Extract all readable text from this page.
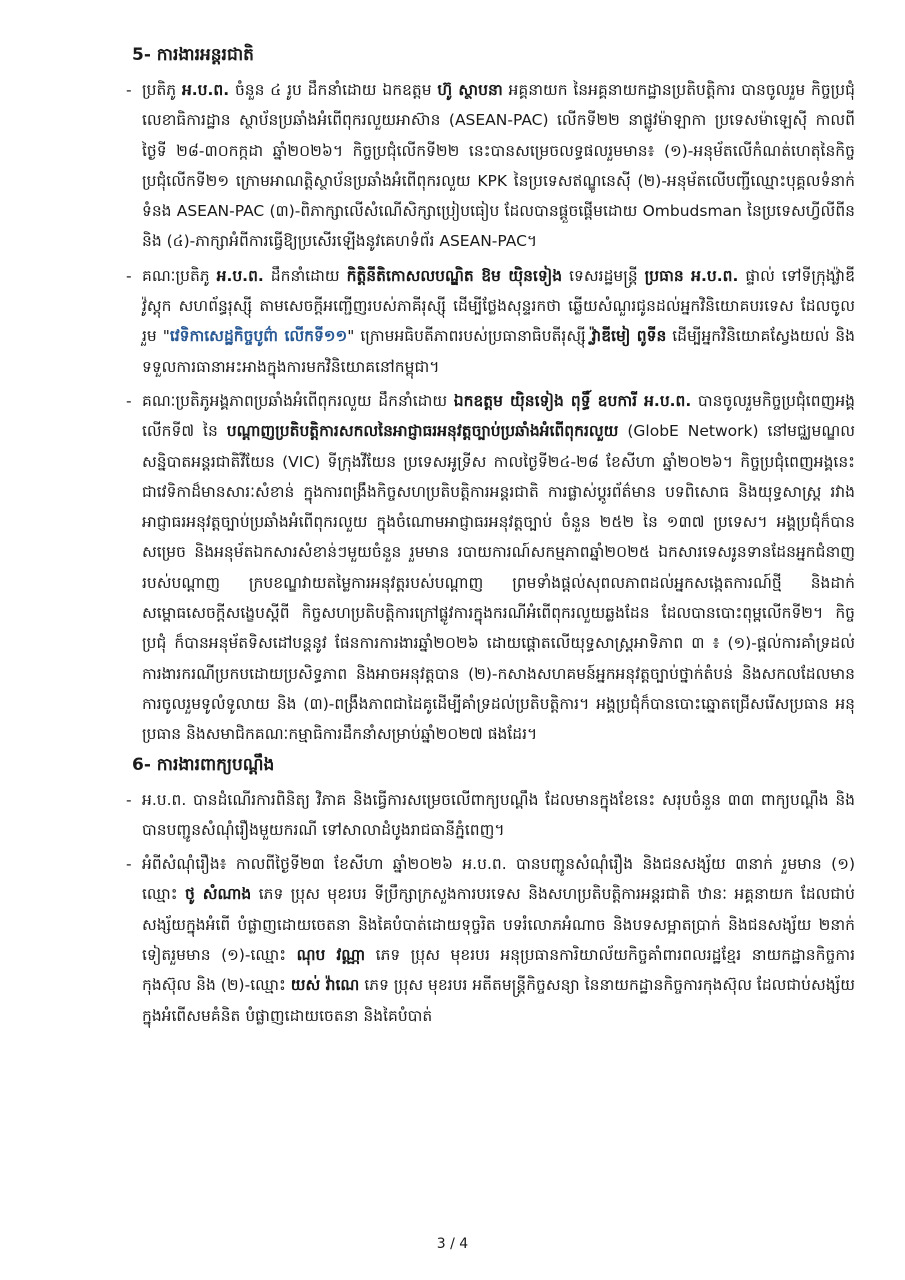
5- ការងារអន្តរជាតិ
- ប្រតិភូ អ.ប.ព. ចំនួន ៤ រូប ដឹកនាំដោយ ឯកឧត្តម ហ៊ូ ស្ថាបនា អគ្គនាយក នៃអគ្គនាយកដ្ឋានប្រតិបត្តិការ បានចូលរួម កិច្ចប្រជុំលេខាធិការដ្ឋាន ស្ថាប័នប្រឆាំងអំពើពុករលួយអាស៊ាន (ASEAN-PAC) លើកទី២២ នាផ្លូវម៉ាឡាកា ប្រទេសម៉ាឡេស៊ី កាលពីថ្ងៃទី ២៨-៣០កក្កដា ឆ្នាំ២០២៦។ កិច្ចប្រជុំលើកទី២២ នេះបានសម្រេចលទ្ធផលរួមមាន៖ (១)-អនុម័តលើកំណត់ហេតុនៃកិច្ចប្រជុំលើកទី២១ ក្រោមអាណត្តិស្ថាប័នប្រឆាំងអំពើពុករលួយ KPK នៃប្រទេសឥណ្ឌូនេស៊ី (២)-អនុម័តលើបញ្ជីឈ្មោះបុគ្គលទំនាក់ទំនង ASEAN-PAC (៣)-ពិភាក្សាលើសំណើសិក្សាប្រៀបធៀប ដែលបានផ្តួចផ្តើមដោយ Ombudsman នៃប្រទេសហ្វីលីពីន និង (៤)-ភាក្សាអំពីការធ្វើឱ្យប្រសើរឡើងនូវគេហទំព័រ ASEAN-PAC។
- គណៈប្រតិភូ អ.ប.ព. ដឹកនាំដោយ កិត្តិនីតិកោសលបណ្ឌិត ឱម យ៉ិនទៀង ទេសរដ្ឋមន្ត្រី ប្រធាន អ.ប.ព. ផ្ទាល់ ទៅទីក្រុងវ្ល៉ាឌីវ៉ូស្តុក សហព័ន្ធរុស្ស៊ី តាមសេចក្តីអញ្ជើញរបស់ភាគីរុស្ស៊ី ដើម្បីថ្លែងសុន្ទរកថា ឆ្លើយសំណួរជូនដល់អ្នកវិនិយោគបរទេស ដែលចូលរួម "វេទិកាសេដ្ឋកិច្ចបូព៌ា លើកទី១១" ក្រោមអធិបតីភាពរបស់ប្រធានាធិបតីរុស្ស៊ី វ្ល៉ាឌីមៀ ពូទីន ដើម្បីអ្នកវិនិយោគស្វែងយល់ និងទទួលការធានាអះអាងក្នុងការមកវិនិយោគនៅកម្ពុជា។
- គណៈប្រតិភូអង្គភាពប្រឆាំងអំពើពុករលួយ ដឹកនាំដោយ ឯកឧត្តម យ៉ិនទៀង ពុទ្ធិ៍ ឧបការី អ.ប.ព. បានចូលរួមកិច្ចប្រជុំពេញអង្គលើកទី៧ នៃ បណ្តាញប្រតិបត្តិការសកលនៃអាជ្ញាធរអនុវត្តច្បាប់ប្រឆាំងអំពើពុករលួយ (GlobE Network) នៅមជ្ឈមណ្ឌលសន្និបាតអន្តរជាតិវីយែន (VIC) ទីក្រុងវីយែន ប្រទេសអូទ្រីស កាលថ្ងៃទី២៤-២៨ ខែសីហា ឆ្នាំ២០២៦។ កិច្ចប្រជុំពេញអង្គនេះ ជាវេទិកាដ៏មានសារៈសំខាន់ ក្នុងការពង្រឹងកិច្ចសហប្រតិបត្តិការអន្តរជាតិ ការផ្លាស់ប្តូរព័ត៌មាន បទពិសោធ និងយុទ្ធសាស្ត្រ រវាងអាជ្ញាធរអនុវត្តច្បាប់ប្រឆាំងអំពើពុករលួយ ក្នុងចំណោមអាជ្ញាធរអនុវត្តច្បាប់ ចំនួន ២៥២ នៃ ១៣៧ ប្រទេស។ អង្គប្រជុំក៏បានសម្រេច និងអនុម័តឯកសារសំខាន់ៗមួយចំនួន រួមមាន របាយការណ៍សកម្មភាពឆ្នាំ២០២៥ ឯកសារទេសរូនទានដែនអ្នកជំនាញរបស់បណ្តាញ ក្របខណ្ឌវាយតម្លៃការអនុវត្តរបស់បណ្តាញ ព្រមទាំងផ្តល់សុពលភាពដល់អ្នកសង្កេតការណ៍ថ្មី និងដាក់សម្ពោធសេចក្តីសង្ខេបស្តីពី កិច្ចសហប្រតិបត្តិការក្រៅផ្លូវការក្នុងករណីអំពើពុករលួយឆ្លងដែន ដែលបានបោះពុម្ពលើកទី២។ កិច្ចប្រជុំ ក៏បានអនុម័តទិសដៅបន្តនូវ ផែនការការងារឆ្នាំ២០២៦ ដោយផ្តោតលើយុទ្ធសាស្ត្រអាទិភាព ៣ ៖ (១)-ផ្តល់ការគាំទ្រដល់ការងារករណីប្រកបដោយប្រសិទ្ធភាព និងអាចអនុវត្តបាន (២)-កសាងសហគមន៍អ្នកអនុវត្តច្បាប់ថ្នាក់តំបន់ និងសកលដែលមានការចូលរួមទូលំទូលាយ និង (៣)-ពង្រឹងភាពជាដៃគូដើម្បីគាំទ្រដល់ប្រតិបត្តិការ។ អង្គប្រជុំក៏បានបោះឆ្នោតជ្រើសរើសប្រធាន អនុប្រធាន និងសមាជិកគណៈកម្មាធិការដឹកនាំសម្រាប់ឆ្នាំ២០២៧ ផងដែរ។
6- ការងារពាក្យបណ្តឹង
- អ.ប.ព. បានដំណើរការពិនិត្យ វិភាគ និងធ្វើការសម្រេចលើពាក្យបណ្តឹង ដែលមានក្នុងខែនេះ សរុបចំនួន ៣៣ ពាក្យបណ្តឹង និងបានបញ្ជូនសំណុំរឿងមួយករណី ទៅសាលាដំបូងរាជធានីភ្នំពេញ។
- អំពីសំណុំរឿង៖ កាលពីថ្ងៃទី២៣ ខែសីហា ឆ្នាំ២០២៦ អ.ប.ព. បានបញ្ជូនសំណុំរឿង និងជនសង្ស័យ ៣នាក់ រួមមាន (១) ឈ្មោះ ថូ សំណាង ភេទ ប្រុស មុខរបរ ទីប្រឹក្សាក្រសួងការបរទេស និងសហប្រតិបត្តិការអន្តរជាតិ ឋានៈ អគ្គនាយក ដែលជាប់សង្ស័យក្នុងអំពើ បំផ្លាញដោយចេតនា និងគៃបំបាត់ដោយទុច្ចរិត បទរំលោភអំណាច និងបទសម្អាតប្រាក់ និងជនសង្ស័យ ២នាក់ ទៀតរួមមាន (១)-ឈ្មោះ ណុប វណ្ណា ភេទ ប្រុស មុខរបរ អនុប្រធានការិយាល័យកិច្ចគាំពារពលរដ្ឋខ្មែរ នាយកដ្ឋានកិច្ចការកុងស៊ុល និង (២)-ឈ្មោះ យស់ វ៉ាណេ ភេទ ប្រុស មុខរបរ អតីតមន្ត្រីកិច្ចសន្យា នៃនាយកដ្ឋានកិច្ចការកុងស៊ុល ដែលជាប់សង្ស័យក្នុងអំពើសមគំនិត បំផ្លាញដោយចេតនា និងគៃបំបាត់
3 / 4
